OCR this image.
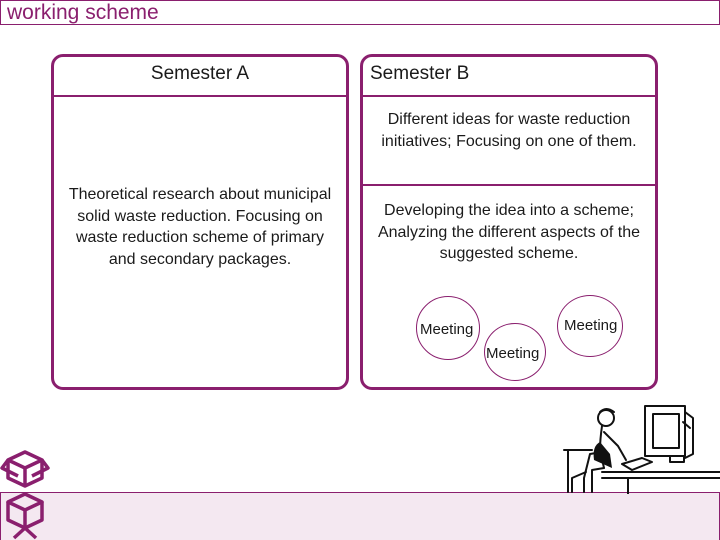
working scheme
Semester A
Theoretical research about municipal solid waste reduction. Focusing on waste reduction scheme of primary and secondary packages.
Semester B
Different ideas for waste reduction initiatives; Focusing on one of them.
Developing the idea into a scheme; Analyzing the different aspects of the suggested scheme.
Meeting	Meeting
Meeting
